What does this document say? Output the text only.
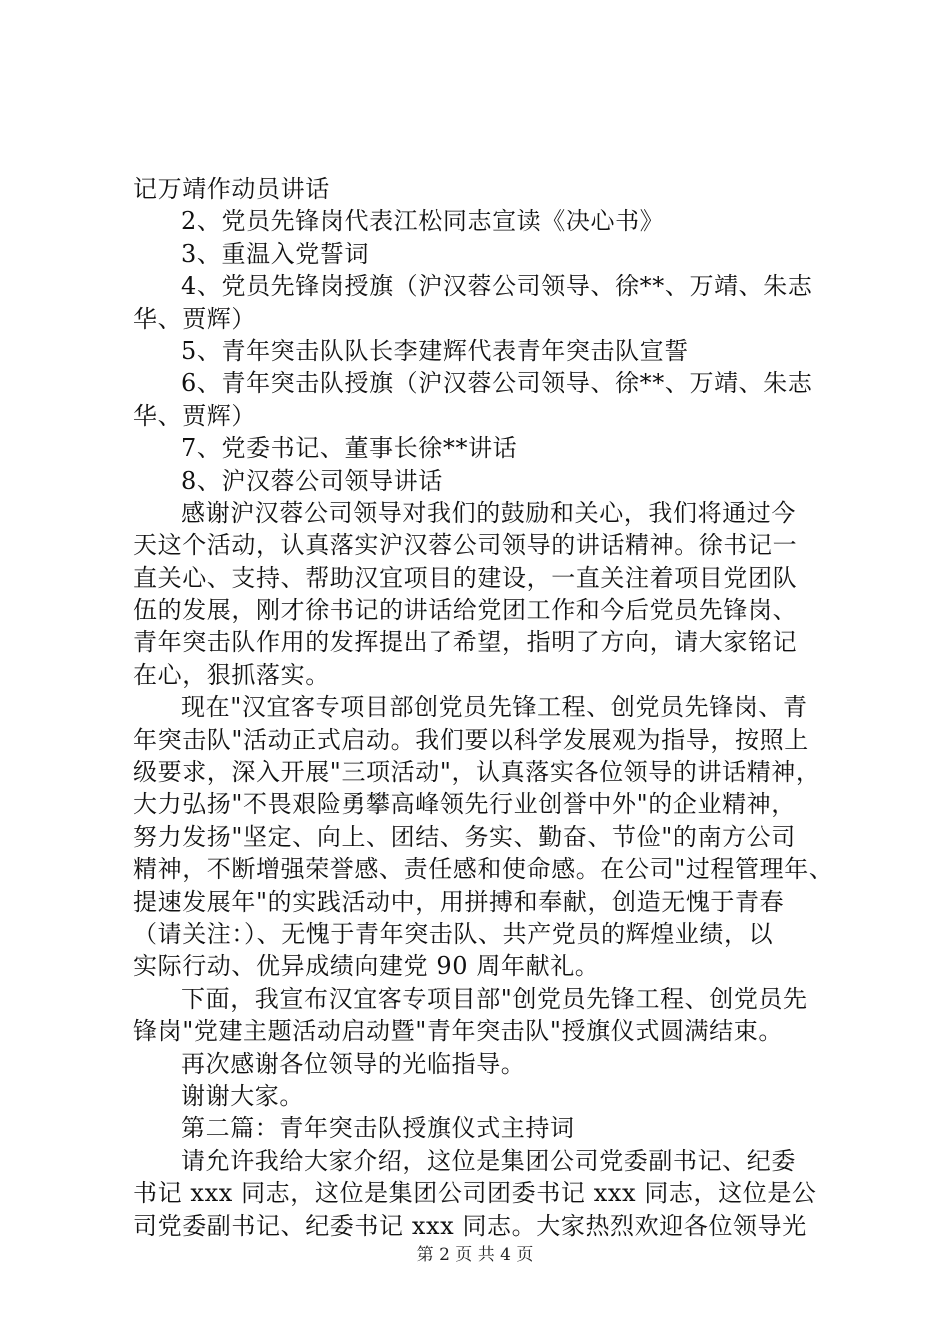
记万靖作动员讲话
2、党员先锋岗代表江松同志宣读《决心书》
3、重温入党誓词
4、党员先锋岗授旗（沪汉蓉公司领导、徐**、万靖、朱志
华、贾辉）
5、青年突击队队长李建辉代表青年突击队宣誓
6、青年突击队授旗（沪汉蓉公司领导、徐**、万靖、朱志
华、贾辉）
7、党委书记、董事长徐**讲话
8、沪汉蓉公司领导讲话
感谢沪汉蓉公司领导对我们的鼓励和关心，我们将通过今
天这个活动，认真落实沪汉蓉公司领导的讲话精神。徐书记一
直关心、支持、帮助汉宜项目的建设，一直关注着项目党团队
伍的发展，刚才徐书记的讲话给党团工作和今后党员先锋岗、
青年突击队作用的发挥提出了希望，指明了方向，请大家铭记
在心，狠抓落实。
现在"汉宜客专项目部创党员先锋工程、创党员先锋岗、青
年突击队"活动正式启动。我们要以科学发展观为指导，按照上
级要求，深入开展"三项活动"，认真落实各位领导的讲话精神，
大力弘扬"不畏艰险勇攀高峰领先行业创誉中外"的企业精神，
努力发扬"坚定、向上、团结、务实、勤奋、节俭"的南方公司
精神，不断增强荣誉感、责任感和使命感。在公司"过程管理年、
提速发展年"的实践活动中，用拼搏和奉献，创造无愧于青春
（请关注：）、无愧于青年突击队、共产党员的辉煌业绩，以
实际行动、优异成绩向建党 90 周年献礼。
下面，我宣布汉宜客专项目部"创党员先锋工程、创党员先
锋岗"党建主题活动启动暨"青年突击队"授旗仪式圆满结束。
再次感谢各位领导的光临指导。
谢谢大家。
第二篇：青年突击队授旗仪式主持词
请允许我给大家介绍，这位是集团公司党委副书记、纪委
书记 xxx 同志，这位是集团公司团委书记 xxx 同志，这位是公
司党委副书记、纪委书记 xxx 同志。大家热烈欢迎各位领导光
第 2 页 共 4 页
